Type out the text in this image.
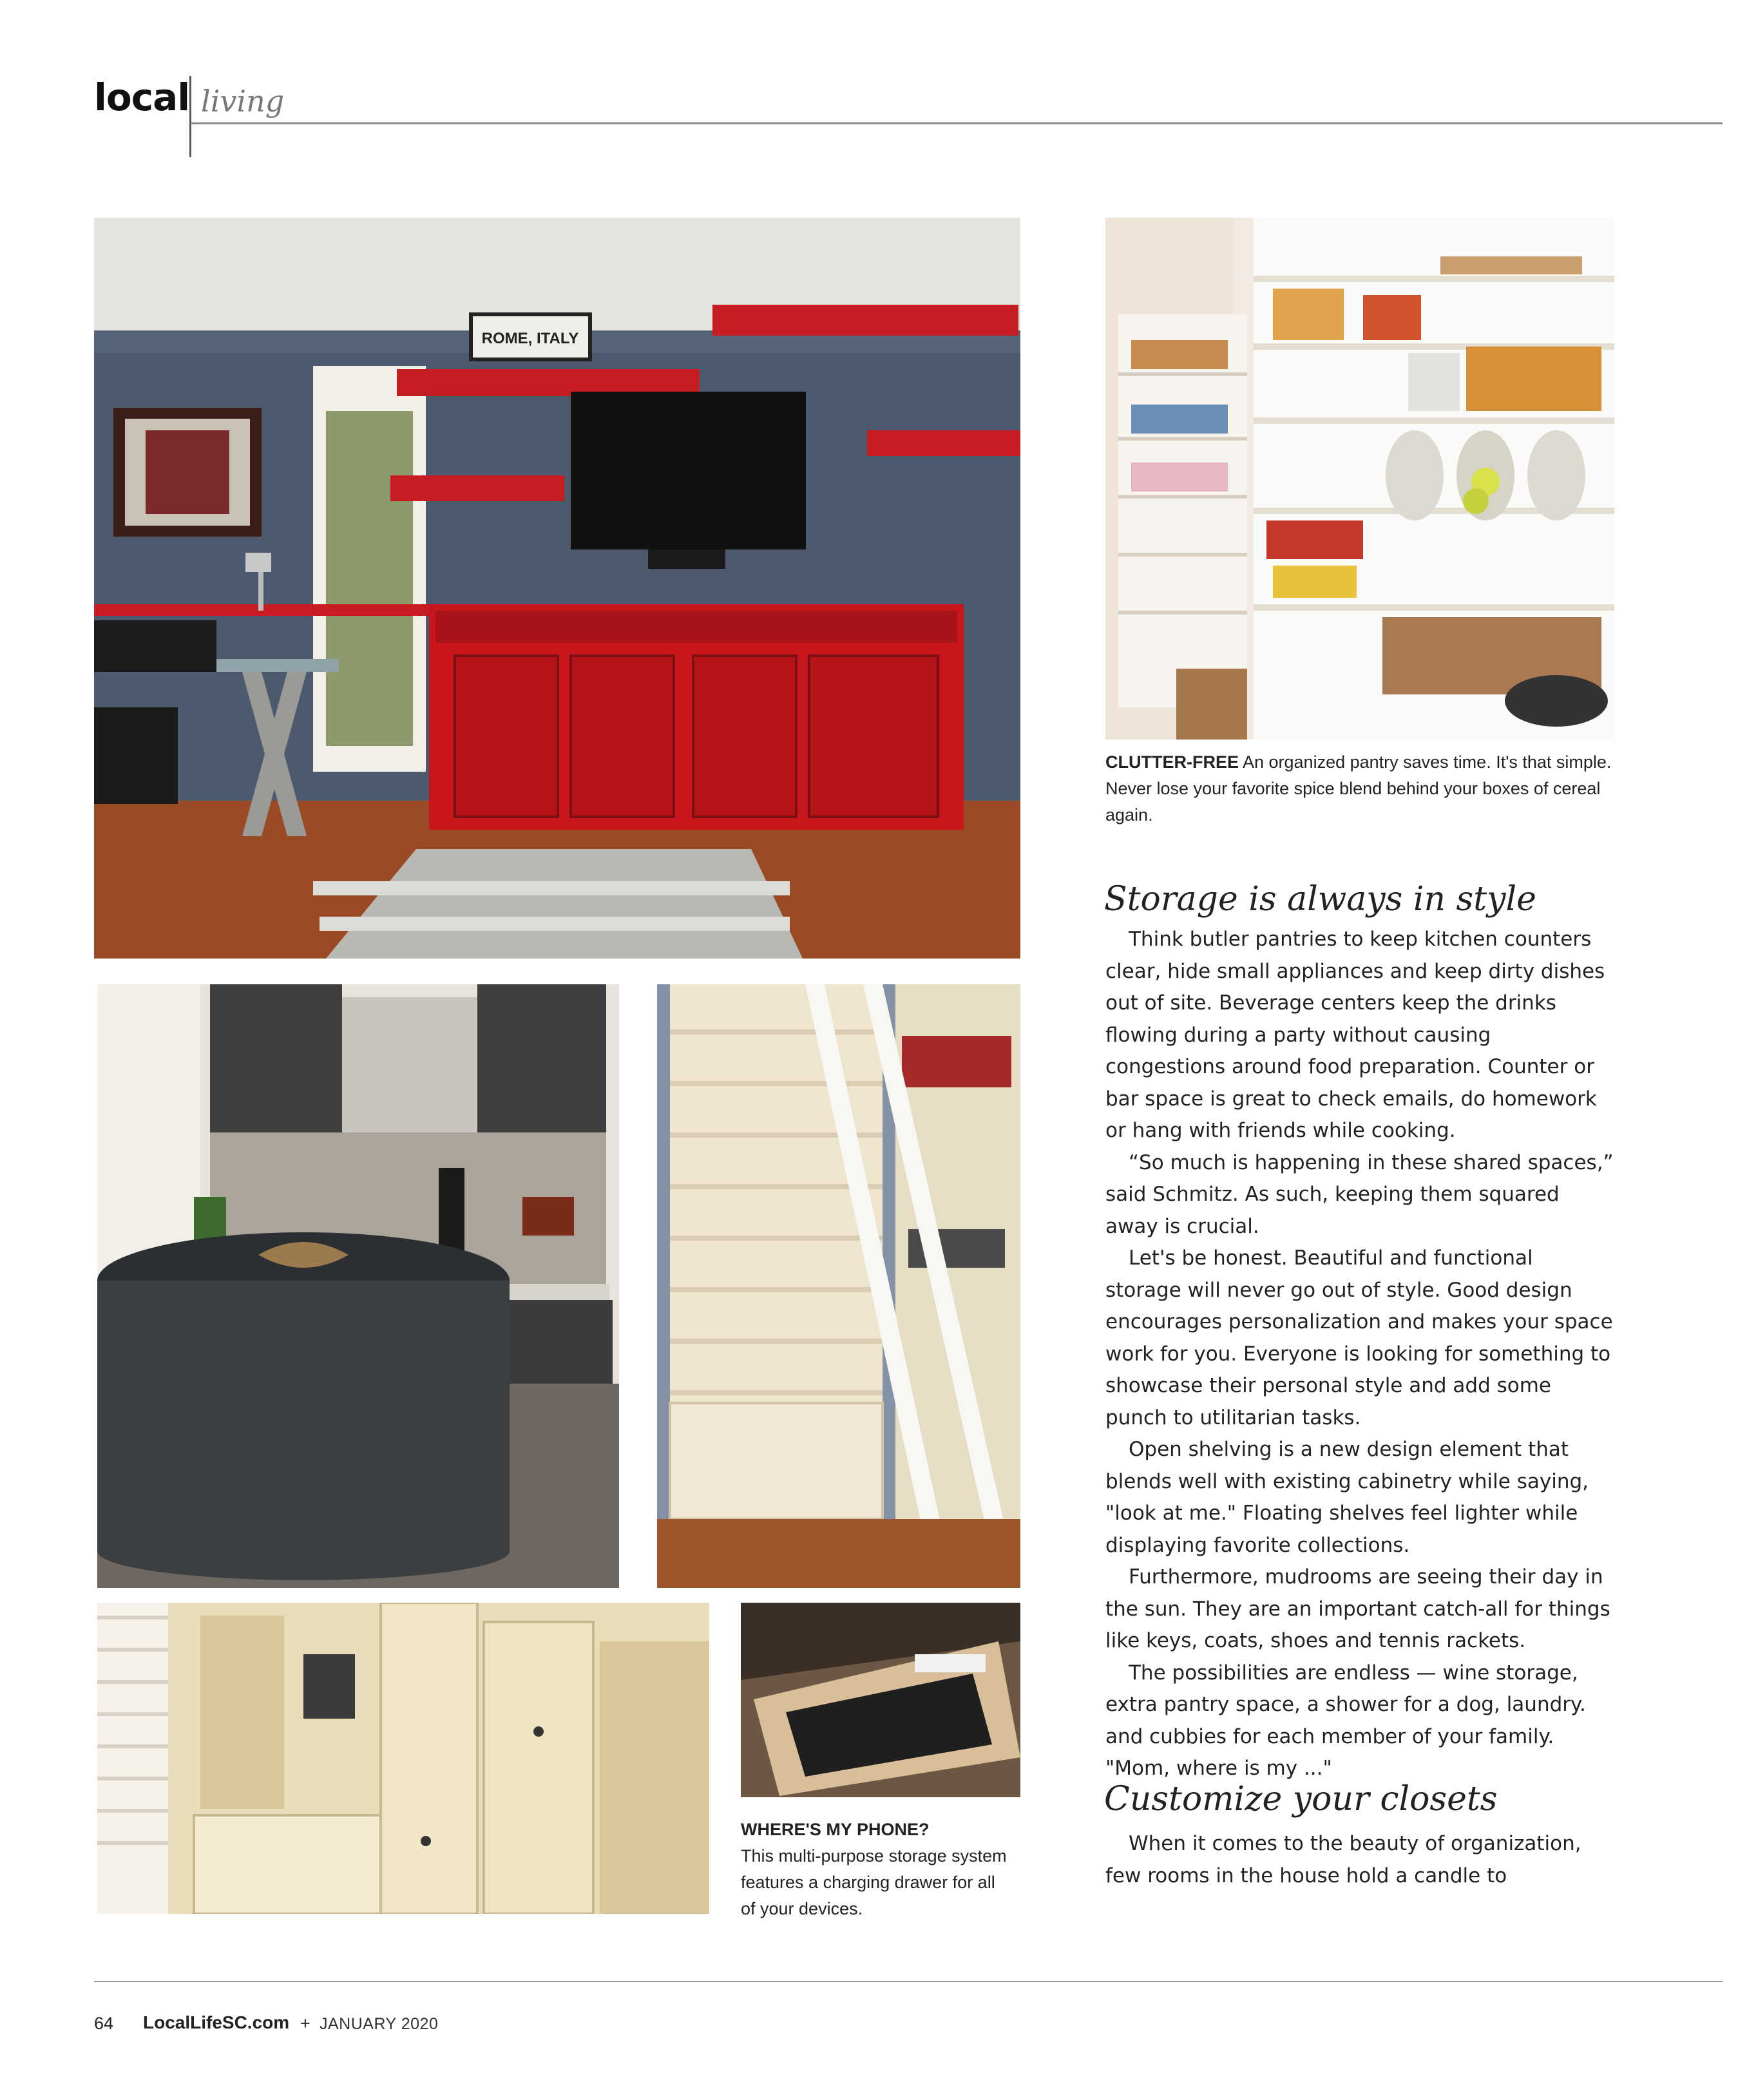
local living
ROME, ITALY
CLUTTER-FREE An organized pantry saves time. It's that simple. Never lose your favorite spice blend behind your boxes of cereal again.
WHERE'S MY PHONE?
This multi-purpose storage system features a charging drawer for all of your devices.
Storage is always in style

Think butler pantries to keep kitchen counters clear, hide small appliances and keep dirty dishes out of site. Beverage centers keep the drinks flowing during a party without causing congestions around food preparation. Counter or bar space is great to check emails, do homework or hang with friends while cooking.

“So much is happening in these shared spaces,” said Schmitz. As such, keeping them squared away is crucial.

Let's be honest. Beautiful and functional storage will never go out of style. Good design encourages personalization and makes your space work for you. Everyone is looking for something to showcase their personal style and add some punch to utilitarian tasks.

Open shelving is a new design element that blends well with existing cabinetry while saying, "look at me." Floating shelves feel lighter while displaying favorite collections.

Furthermore, mudrooms are seeing their day in the sun. They are an important catch-all for things like keys, coats, shoes and tennis rackets.

The possibilities are endless — wine storage, extra pantry space, a shower for a dog, laundry. and cubbies for each member of your family. "Mom, where is my ..."

Customize your closets

When it comes to the beauty of organization, few rooms in the house hold a candle to

64 LocalLifeSC.com + JANUARY 2020
